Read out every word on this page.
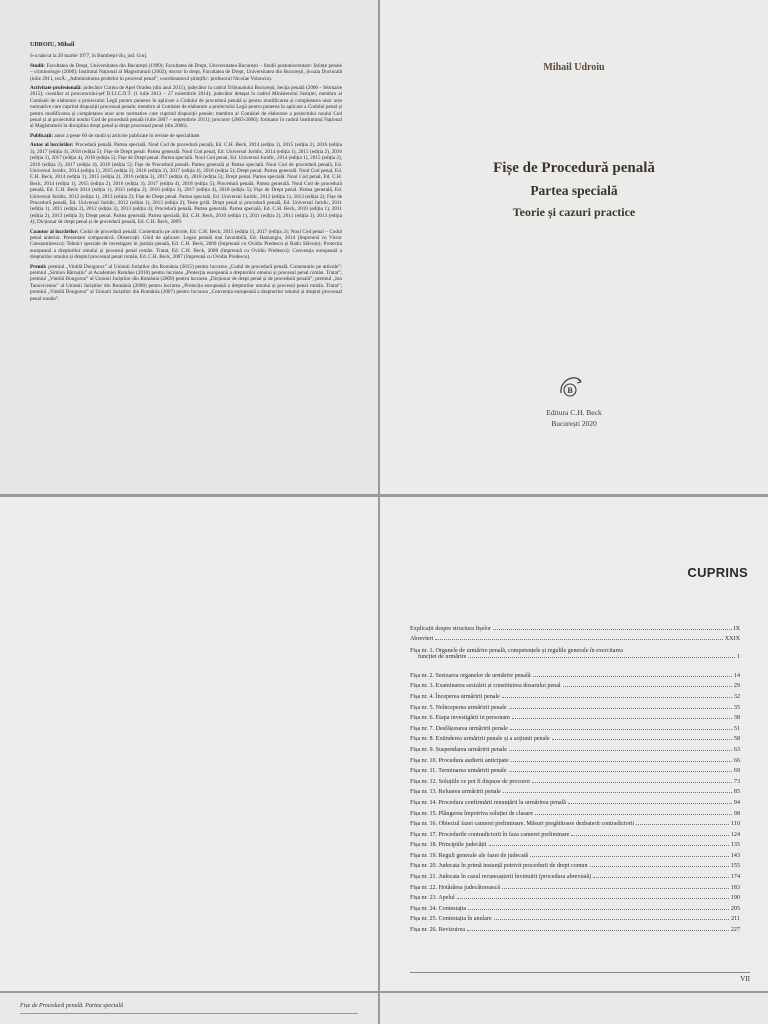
UDROIU, Mihail

S-a născut la 20 martie 1977, în Bumbești-Jiu, jud. Gorj.

Studii: Facultatea de Drept, Universitatea din București (1999); Facultatea de Drept, Universitatea București – Studii postuniversitare: Științe penale – criminologie (2000); Institutul Național al Magistraturii (2002); doctor în drept, Facultatea de Drept, Universitatea din București, Școala Doctorală (iulie 2011, tezĂ: „Administrarea probelor în procesul penal”, coordonatorul științific: profesorul Nicolae Volonciu).

Activitate profesională: judecător Curtea de Apel Oradea (din anul 2015), judecător la cadrul Tribunalului București, Secția penală (2006 – februarie 2015); consilier al procurorului-șef D.I.I.C.O.T. (1 iulie 2013 – 27 noiembrie 2014); judecător detașat în cadrul Ministerului Justiției, membru al Comisiei de elaborare a proiectului Legii pentru punerea în aplicare a Codului de procedură penală și pentru modificarea și completarea unor acte normative care cuprind dispoziții procesual penale; membru al Comisiei de elaborare a proiectului Legii pentru punerea în aplicare a Codului penal și pentru modificarea și completarea unor acte normative care cuprind dispoziții penale; membru al Comisiei de elaborare a proiectului noului Cod penal și al proiectului noului Cod de procedură penală (iulie 2007 – septembrie 2011); procuror (2003-2006); formator în cadrul Institutului Național al Magistraturii la disciplina drept penal și drept procesual penal (din 2006).

Publicații: autor a peste 60 de studii și articole publicate în reviste de specialitate.

Autor al lucrărilor: Procedură penală. Partea specială. Noul Cod de procedură penală, Ed. C.H. Beck, 2014 (ediția 1), 2015 (ediția 2), 2016 (ediția 3), 2017 (ediția 4), 2018 (ediția 5); Fișe de Drept penal. Partea generală. Noul Cod penal, Ed. Universul Juridic, 2014 (ediția 1), 2015 (ediția 2), 2016 (ediția 3), 2017 (ediția 4), 2018 (ediția 5); Fișe de Drept penal. Partea specială. Noul Cod penal, Ed. Universul Juridic, 2014 (ediția 1), 2015 (ediția 2), 2016 (ediția 3), 2017 (ediția 4), 2018 (ediția 5); Fișe de Procedură penală. Partea generală și Partea specială. Noul Cod de procedură penală, Ed. Universul Juridic, 2014 (ediția 1), 2015 (ediția 2), 2016 (ediția 3), 2017 (ediția 4), 2018 (ediția 5); Drept penal. Partea generală. Noul Cod penal, Ed. C.H. Beck, 2014 (ediția 1), 2015 (ediția 2), 2016 (ediția 3), 2017 (ediția 4), 2018 (ediția 5); Drept penal. Partea specială. Noul Cod penal, Ed. C.H. Beck, 2014 (ediția 1), 2015 (ediția 2), 2016 (ediția 3), 2017 (ediția 4), 2018 (ediția 5); Procedură penală. Partea generală. Noul Cod de procedură penală, Ed. C.H. Beck 2014 (ediția 1), 2015 (ediția 2), 2016 (ediția 3), 2017 (ediția 4), 2018 (ediția 5); Fișe de Drept penal. Partea generală, Ed. Universul Juridic, 2012 (ediția 1), 2013 (ediția 2); Fișe de Drept penal. Partea specială, Ed. Universul Juridic, 2012 (ediția 1), 2013 (ediția 2); Fișe de Procedură penală, Ed. Universul Juridic, 2012 (ediția 1), 2013 (ediția 2); Teste grilă. Drept penal și procedură penală, Ed. Universul Juridic, 2011 (ediția 1), 2011 (ediția 2), 2012 (ediția 3), 2013 (ediția 4); Procedură penală. Partea generală. Partea specială, Ed. C.H. Beck, 2010 (ediția 1), 2011 (ediția 2), 2013 (ediția 3); Drept penal. Partea generală. Partea specială, Ed. C.H. Beck, 2010 (ediția 1), 2011 (ediția 2), 2011 (ediția 3), 2013 (ediția 4); Dicționar de drept penal și de procedură penală, Ed. C.H. Beck, 2009.

Coautor al lucrărilor: Codul de procedură penală. Comentariu pe articole, Ed. C.H. Beck, 2015 (ediția 1), 2017 (ediția 2); Noul Cod penal – Codul penal anterior. Prezentare comparativă. Observații. Ghid de aplicare. Legea penală mai favorabilă, Ed. Hamangiu, 2014 (împreună cu Victor Constantinescu); Tehnici speciale de investigare în justiția penală, Ed. C.H. Beck, 2009 (împreună cu Ovidiu Predescu și Radu Slăvoiu); Protecția europeană a drepturilor omului și procesul penal român. Tratat, Ed. C.H. Beck, 2008 (împreună cu Ovidiu Predescu); Convenția europeană a drepturilor omului și dreptul procesual penal român, Ed. C.H. Beck, 2007 (împreună cu Ovidiu Predescu).

Premii: premiul „Vintilă Dongoroz” al Uniunii Juriștilor din România (2015) pentru lucrarea „Codul de procedură penală. Comentariu pe articole”; premiul „Simion Bărnuțiu” al Academiei Române (2010) pentru lucrarea „Protecția europeană a drepturilor omului și procesul penal român. Tratat”; premiul „Vintilă Dongoroz” al Uniunii Juriștilor din România (2009) pentru lucrarea „Dicționar de drept penal și de procedură penală”; premiul „Ion Tanoviceanu” al Uniunii Juriștilor din România (2008) pentru lucrarea „Protecția europeană a drepturilor omului și procesul penal român. Tratat”; premiul „Vintilă Dongoroz” al Uniunii Juriștilor din România (2007) pentru lucrarea „Convenția europeană a drepturilor omului și dreptul procesual penal român”.

Mihail Udroiu
Fișe de Procedură penală
Partea specială
Teorie și cazuri practice
B
Editura C.H. Beck
București 2020
CUPRINS
Explicații despre structura fișelor	IX
Abrevieri	XXIX
Fișa nr. 1. Organele de urmărire penală, competențele și regulile generale în exercitarea
funcției de urmărire	1
Fișa nr. 2. Sesizarea organelor de urmărire penală	14
Fișa nr. 3. Examinarea sesizării și constituirea dosarului penal	29
Fișa nr. 4. Începerea urmăririi penale	32
Fișa nr. 5. Neînceperea urmăririi penale	35
Fișa nr. 6. Etapa investigării in personam	38
Fișa nr. 7. Desfășurarea urmăririi penale	51
Fișa nr. 8. Extinderea urmăririi penale și a acțiunii penale	58
Fișa nr. 9. Suspendarea urmăririi penale	63
Fișa nr. 10. Procedura audierii anticipate	66
Fișa nr. 11. Terminarea urmăririi penale	69
Fișa nr. 12. Soluțiile ce pot fi dispuse de procuror	73
Fișa nr. 13. Reluarea urmăririi penale	85
Fișa nr. 14. Procedura confirmării renunțării la urmărirea penală	94
Fișa nr. 15. Plângerea împotriva soluției de clasare	98
Fișa nr. 16. Obiectul fazei camerei preliminare. Măsuri pregătitoare dezbaterii contradictorii	110
Fișa nr. 17. Procedurile contradictorii în faza camerei preliminare	124
Fișa nr. 18. Principiile judecății	135
Fișa nr. 19. Reguli generale ale fazei de judecată	143
Fișa nr. 20. Judecata în primă instanță potrivit procedurii de drept comun	155
Fișa nr. 21. Judecata în cazul recunoașterii învinuirii (procedura abreviată)	174
Fișa nr. 22. Hotărârea judecătorească	183
Fișa nr. 23. Apelul	190
Fișa nr. 24. Contestația	205
Fișa nr. 25. Contestația în anulare	211
Fișa nr. 26. Revizuirea	227
VII
Fișe de Procedură penală. Partea specială
